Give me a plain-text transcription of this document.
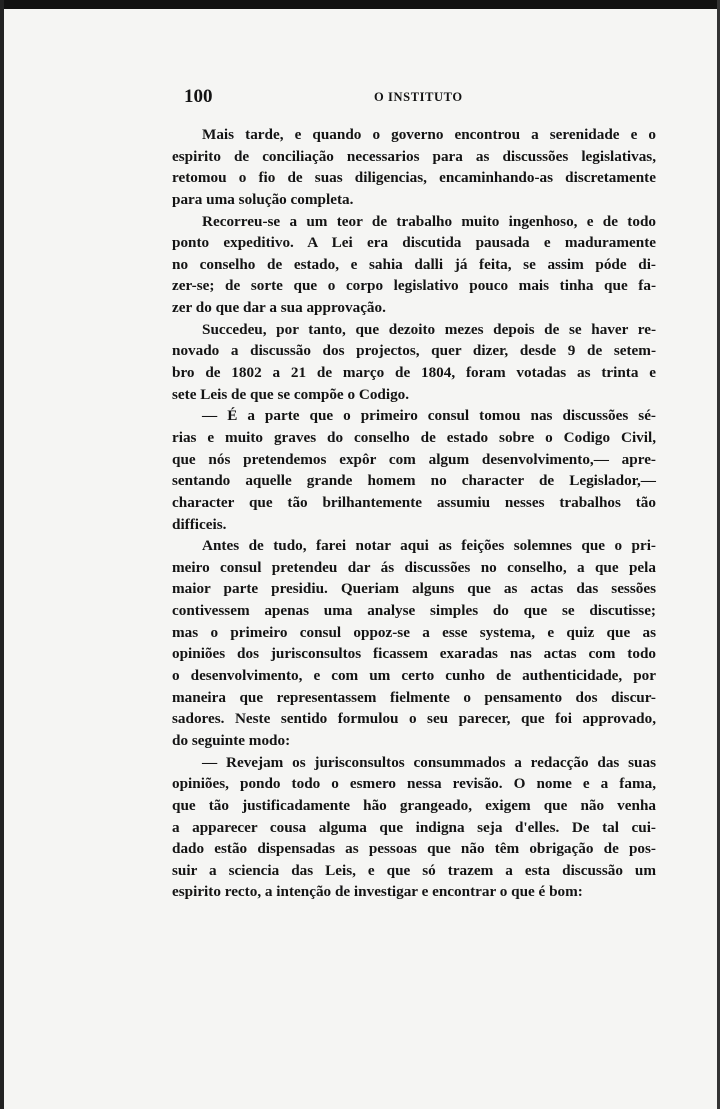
100	O INSTITUTO
Mais tarde, e quando o governo encontrou a serenidade e o
espirito de conciliação necessarios para as discussões legislativas,
retomou o fio de suas diligencias, encaminhando-as discretamente
para uma solução completa.
Recorreu-se a um teor de trabalho muito ingenhoso, e de todo
ponto expeditivo. A Lei era discutida pausada e maduramente
no conselho de estado, e sahia dalli já feita, se assim póde di-
zer-se; de sorte que o corpo legislativo pouco mais tinha que fa-
zer do que dar a sua approvação.
Succedeu, por tanto, que dezoito mezes depois de se haver re-
novado a discussão dos projectos, quer dizer, desde 9 de setem-
bro de 1802 a 21 de março de 1804, foram votadas as trinta e
sete Leis de que se compõe o Codigo.
— É a parte que o primeiro consul tomou nas discussões sé-
rias e muito graves do conselho de estado sobre o Codigo Civil,
que nós pretendemos expôr com algum desenvolvimento,— apre-
sentando aquelle grande homem no character de Legislador,—
character que tão brilhantemente assumiu nesses trabalhos tão
difficeis.
Antes de tudo, farei notar aqui as feições solemnes que o pri-
meiro consul pretendeu dar ás discussões no conselho, a que pela
maior parte presidiu. Queriam alguns que as actas das sessões
contivessem apenas uma analyse simples do que se discutisse;
mas o primeiro consul oppoz-se a esse systema, e quiz que as
opiniões dos jurisconsultos ficassem exaradas nas actas com todo
o desenvolvimento, e com um certo cunho de authenticidade, por
maneira que representassem fielmente o pensamento dos discur-
sadores. Neste sentido formulou o seu parecer, que foi approvado,
do seguinte modo:
— Revejam os jurisconsultos consummados a redacção das suas
opiniões, pondo todo o esmero nessa revisão. O nome e a fama,
que tão justificadamente hão grangeado, exigem que não venha
a apparecer cousa alguma que indigna seja d'elles. De tal cui-
dado estão dispensadas as pessoas que não têm obrigação de pos-
suir a sciencia das Leis, e que só trazem a esta discussão um
espirito recto, a intenção de investigar e encontrar o que é bom:
